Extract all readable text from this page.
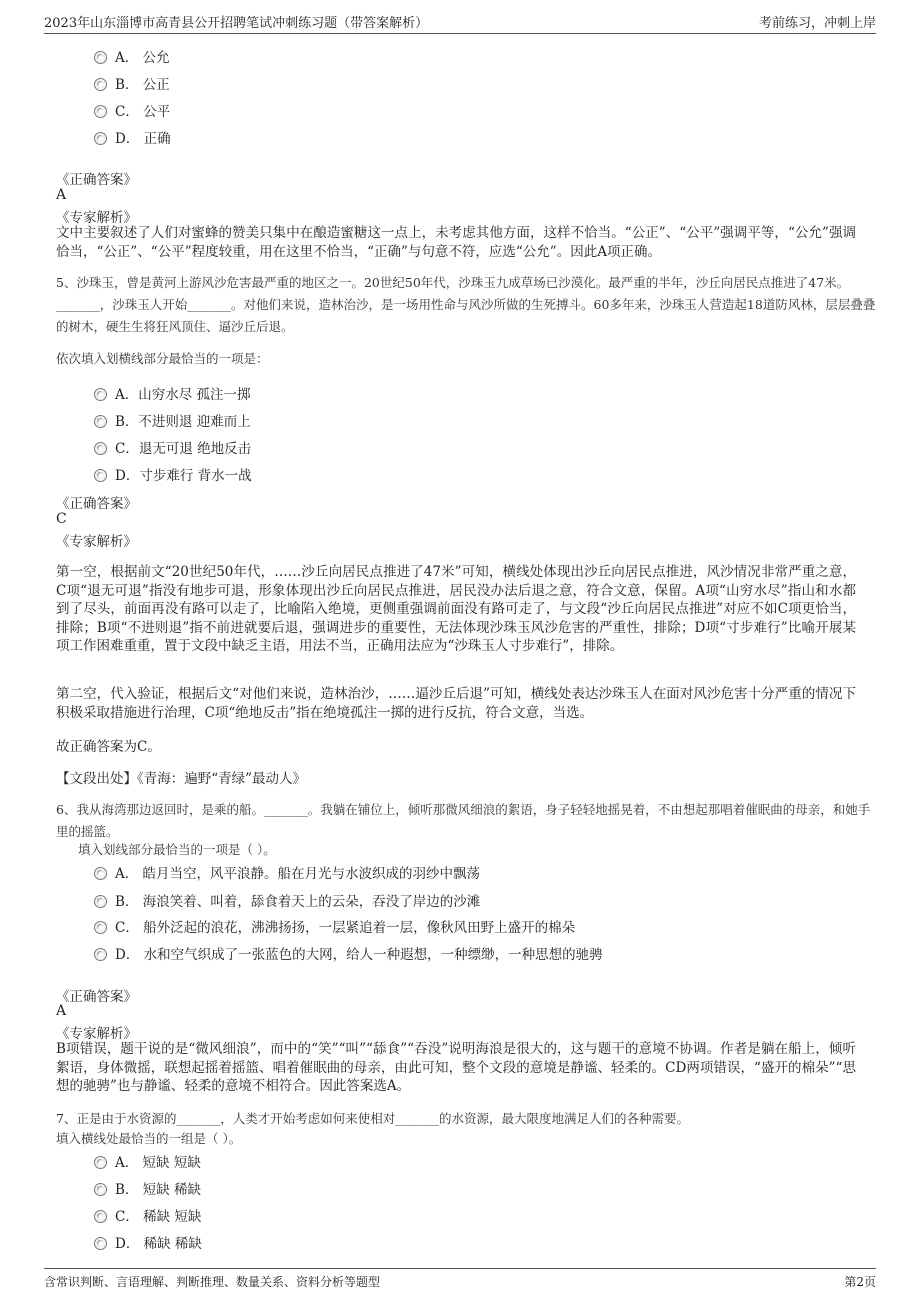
2023年山东淄博市高青县公开招聘笔试冲刺练习题（带答案解析）	考前练习，冲刺上岸
A． 公允
B． 公正
C． 公平
D． 正确
《正确答案》
A
《专家解析》
文中主要叙述了人们对蜜蜂的赞美只集中在酿造蜜糖这一点上，未考虑其他方面，这样不恰当。“公正”、“公平”强调平等，“公允”强调恰当，“公正”、“公平”程度较重，用在这里不恰当，“正确”与句意不符，应选“公允”。因此A项正确。
5、沙珠玉，曾是黄河上游风沙危害最严重的地区之一。20世纪50年代，沙珠玉九成草场已沙漠化。最严重的半年，沙丘向居民点推进了47米。_______，沙珠玉人开始_______。对他们来说，造林治沙，是一场用性命与风沙所做的生死搏斗。60多年来，沙珠玉人营造起18道防风林，层层叠叠的树木，硬生生将狂风顶住、逼沙丘后退。
依次填入划横线部分最恰当的一项是：
A．山穷水尽 孤注一掷
B．不进则退 迎难而上
C．退无可退 绝地反击
D．寸步难行 背水一战
《正确答案》
C
《专家解析》
第一空，根据前文“20世纪50年代，……沙丘向居民点推进了47米”可知，横线处体现出沙丘向居民点推进，风沙情况非常严重之意，C项“退无可退”指没有地步可退，形象体现出沙丘向居民点推进，居民没办法后退之意，符合文意，保留。A项“山穷水尽”指山和水都到了尽头，前面再没有路可以走了，比喻陷入绝境，更侧重强调前面没有路可走了，与文段“沙丘向居民点推进”对应不如C项更恰当，排除；B项“不进则退”指不前进就要后退，强调进步的重要性，无法体现沙珠玉风沙危害的严重性，排除；D项“寸步难行”比喻开展某项工作困难重重，置于文段中缺乏主语，用法不当，正确用法应为“沙珠玉人寸步难行”，排除。
第二空，代入验证，根据后文“对他们来说，造林治沙，……逼沙丘后退”可知，横线处表达沙珠玉人在面对风沙危害十分严重的情况下积极采取措施进行治理，C项“绝地反击”指在绝境孤注一掷的进行反抗，符合文意，当选。
故正确答案为C。
【文段出处】《青海：遍野“青绿”最动人》
6、我从海湾那边返回时，是乘的船。_______。我躺在铺位上，倾听那微风细浪的絮语，身子轻轻地摇晃着，不由想起那唱着催眠曲的母亲，和她手里的摇篮。
填入划线部分最恰当的一项是（ ）。
A． 皓月当空，风平浪静。船在月光与水波织成的羽纱中飘荡
B． 海浪笑着、叫着，舔食着天上的云朵，吞没了岸边的沙滩
C． 船外泛起的浪花，沸沸扬扬，一层紧追着一层，像秋风田野上盛开的棉朵
D． 水和空气织成了一张蓝色的大网，给人一种遐想，一种缥缈，一种思想的驰骋
《正确答案》
A
《专家解析》
B项错误，题干说的是“微风细浪”，而中的“笑”“叫”“舔食”“吞没”说明海浪是很大的，这与题干的意境不协调。作者是躺在船上，倾听絮语，身体微摇，联想起摇着摇篮、唱着催眠曲的母亲，由此可知，整个文段的意境是静谧、轻柔的。CD两项错误，“盛开的棉朵”“思想的驰骋”也与静谧、轻柔的意境不相符合。因此答案选A。
7、正是由于水资源的_______，人类才开始考虑如何来使相对_______的水资源，最大限度地满足人们的各种需要。
填入横线处最恰当的一组是（ ）。
A． 短缺 短缺
B． 短缺 稀缺
C． 稀缺 短缺
D． 稀缺 稀缺
含常识判断、言语理解、判断推理、数量关系、资料分析等题型	第2页
